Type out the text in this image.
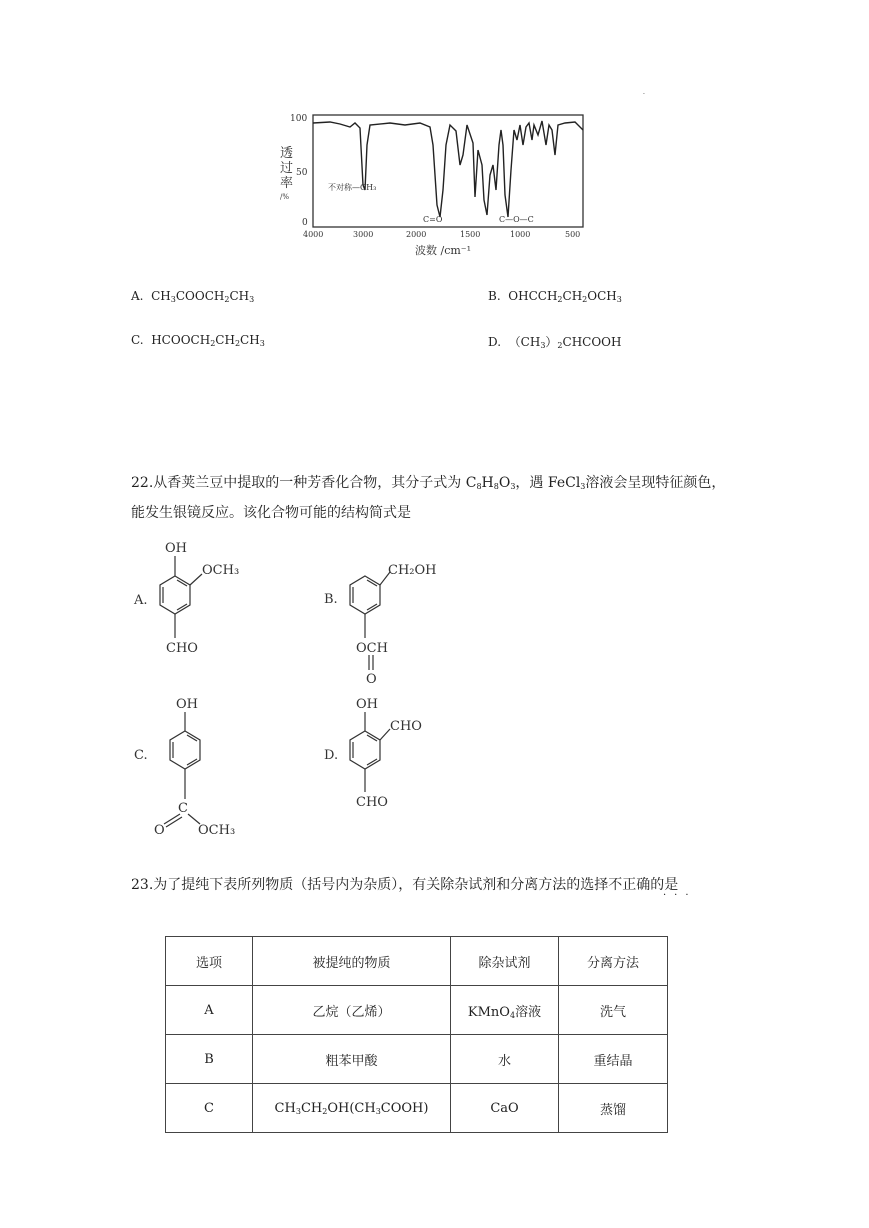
100
50
0
透
过
率
/%
不对称—CH₃
C=O	C—O—C
4000	3000	2000	1500	1000	500
波数 /cm⁻¹
.
A. $CH_3COOCH_2CH_3$	B. $OHCCH_2CH_2OCH_3$
C. $HCOOCH_2CH_2CH_3$	D. $(CH_3)_2CHCOOH$
22.从香荚兰豆中提取的一种芳香化合物，其分子式为 $C_8H_8O_3$，遇 FeCl$_3$溶液会呈现特征颜色，
能发生银镜反应。该化合物可能的结构简式是
A.
OH
OCH₃
CHO
B.
CH₂OH
OCH
O
C.
OH
C
O	OCH₃
D.
OH
CHO
CHO
23.为了提纯下表所列物质（括号内为杂质），有关除杂试剂和分离方法的选择不正确的是
···
选项	被提纯的物质	除杂试剂	分离方法
A	乙烷（乙烯）	KMnO$_4$溶液	洗气
B	粗苯甲酸	水	重结晶
C	$CH_3CH_2OH(CH_3COOH)$	CaO	蒸馏
